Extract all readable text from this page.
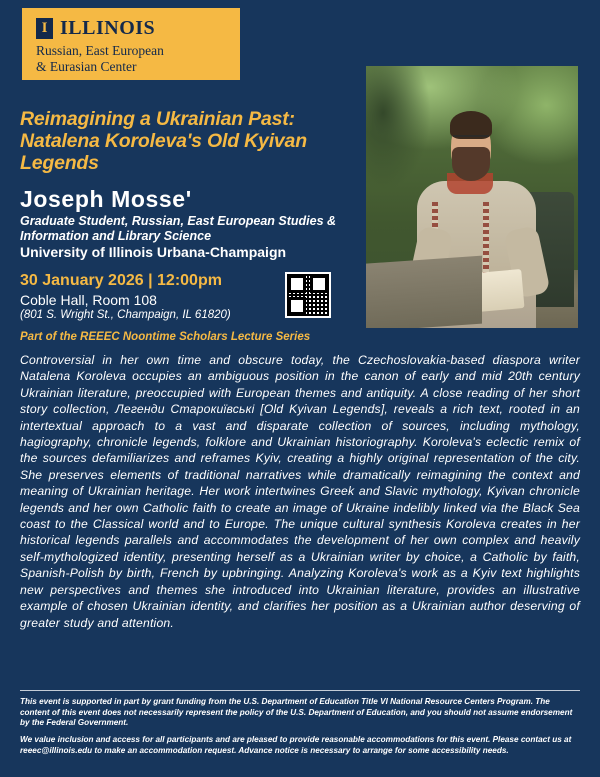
I ILLINOIS
Russian, East European
& Eurasian Center
Reimagining a Ukrainian Past:
Natalena Koroleva's Old Kyivan
Legends
Joseph Mosse'
Graduate Student, Russian, East European Studies & Information and Library Science
University of Illinois Urbana-Champaign
30 January 2026 | 12:00pm
Coble Hall, Room 108
(801 S. Wright St., Champaign, IL 61820)
Part of the REEEC Noontime Scholars Lecture Series
Controversial in her own time and obscure today, the Czechoslovakia-based diaspora writer Natalena Koroleva occupies an ambiguous position in the canon of early and mid 20th century Ukrainian literature, preoccupied with European themes and antiquity. A close reading of her short story collection, Легенди Старокиївські [Old Kyivan Legends], reveals a rich text, rooted in an intertextual approach to a vast and disparate collection of sources, including mythology, hagiography, chronicle legends, folklore and Ukrainian historiography. Koroleva's eclectic remix of the sources defamiliarizes and reframes Kyiv, creating a highly original representation of the city. She preserves elements of traditional narratives while dramatically reimagining the context and meaning of Ukrainian heritage. Her work intertwines Greek and Slavic mythology, Kyivan chronicle legends and her own Catholic faith to create an image of Ukraine indelibly linked via the Black Sea coast to the Classical world and to Europe. The unique cultural synthesis Koroleva creates in her historical legends parallels and accommodates the development of her own complex and heavily self-mythologized identity, presenting herself as a Ukrainian writer by choice, a Catholic by faith, Spanish-Polish by birth, French by upbringing. Analyzing Koroleva's work as a Kyiv text highlights new perspectives and themes she introduced into Ukrainian literature, provides an illustrative example of chosen Ukrainian identity, and clarifies her position as a Ukrainian author deserving of greater study and attention.
This event is supported in part by grant funding from the U.S. Department of Education Title VI National Resource Centers Program. The content of this event does not necessarily represent the policy of the U.S. Department of Education, and you should not assume endorsement by the Federal Government.
We value inclusion and access for all participants and are pleased to provide reasonable accommodations for this event. Please contact us at reeec@illinois.edu to make an accommodation request. Advance notice is necessary to arrange for some accessibility needs.
